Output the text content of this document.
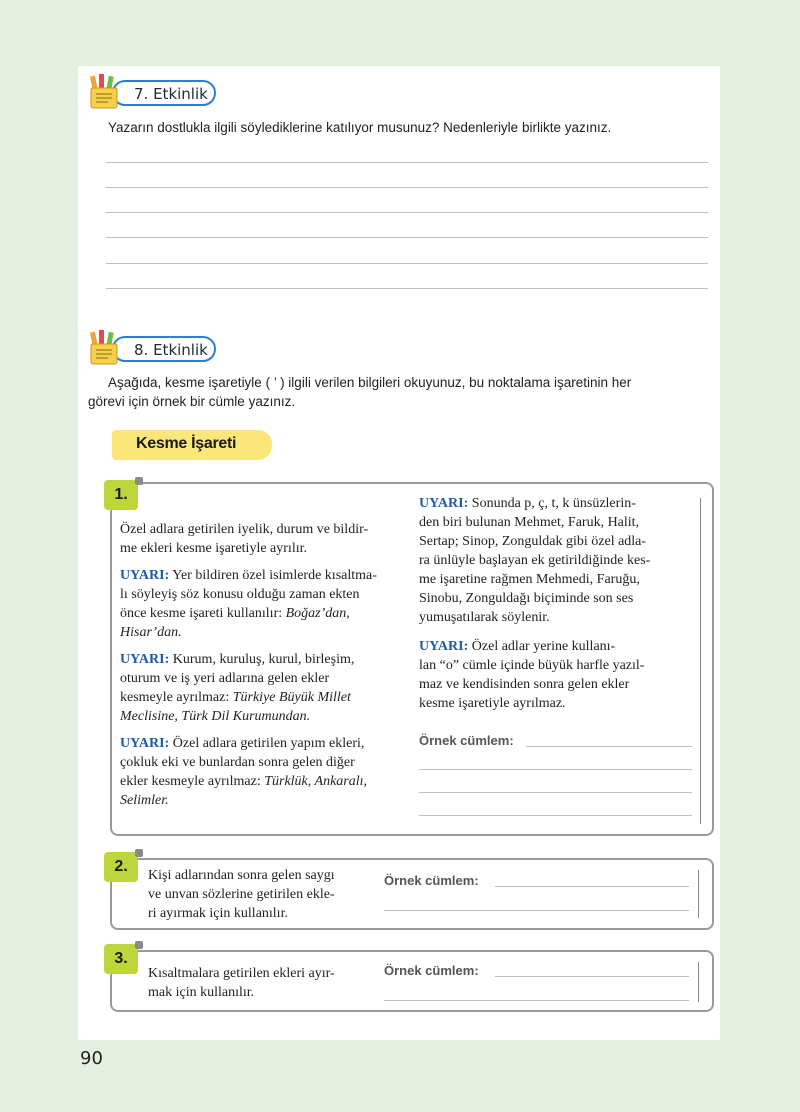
7. Etkinlik
Yazarın dostlukla ilgili söylediklerine katılıyor musunuz? Nedenleriyle birlikte yazınız.
8. Etkinlik
Aşağıda, kesme işaretiyle ( ’ ) ilgili verilen bilgileri okuyunuz, bu noktalama işaretinin her
görevi için örnek bir cümle yazınız.
Kesme İşareti
1.
Özel adlara getirilen iyelik, durum ve bildir-
me ekleri kesme işaretiyle ayrılır.
UYARI: Yer bildiren özel isimlerde kısaltma-
lı söyleyiş söz konusu olduğu zaman ekten
önce kesme işareti kullanılır: Boğaz’dan,
Hisar’dan.
UYARI: Kurum, kuruluş, kurul, birleşim,
oturum ve iş yeri adlarına gelen ekler
kesmeyle ayrılmaz: Türkiye Büyük Millet
Meclisine, Türk Dil Kurumundan.
UYARI: Özel adlara getirilen yapım ekleri,
çokluk eki ve bunlardan sonra gelen diğer
ekler kesmeyle ayrılmaz: Türklük, Ankaralı,
Selimler.
UYARI: Sonunda p, ç, t, k ünsüzlerin-
den biri bulunan Mehmet, Faruk, Halit,
Sertap; Sinop, Zonguldak gibi özel adla-
ra ünlüyle başlayan ek getirildiğinde kes-
me işaretine rağmen Mehmedi, Faruğu,
Sinobu, Zonguldağı biçiminde son ses
yumuşatılarak söylenir.
UYARI: Özel adlar yerine kullanı-
lan “o” cümle içinde büyük harfle yazıl-
maz ve kendisinden sonra gelen ekler
kesme işaretiyle ayrılmaz.
Örnek cümlem:
2.
Kişi adlarından sonra gelen saygı
ve unvan sözlerine getirilen ekle-
ri ayırmak için kullanılır.
Örnek cümlem:
3.
Kısaltmalara getirilen ekleri ayır-
mak için kullanılır.
Örnek cümlem:
90
